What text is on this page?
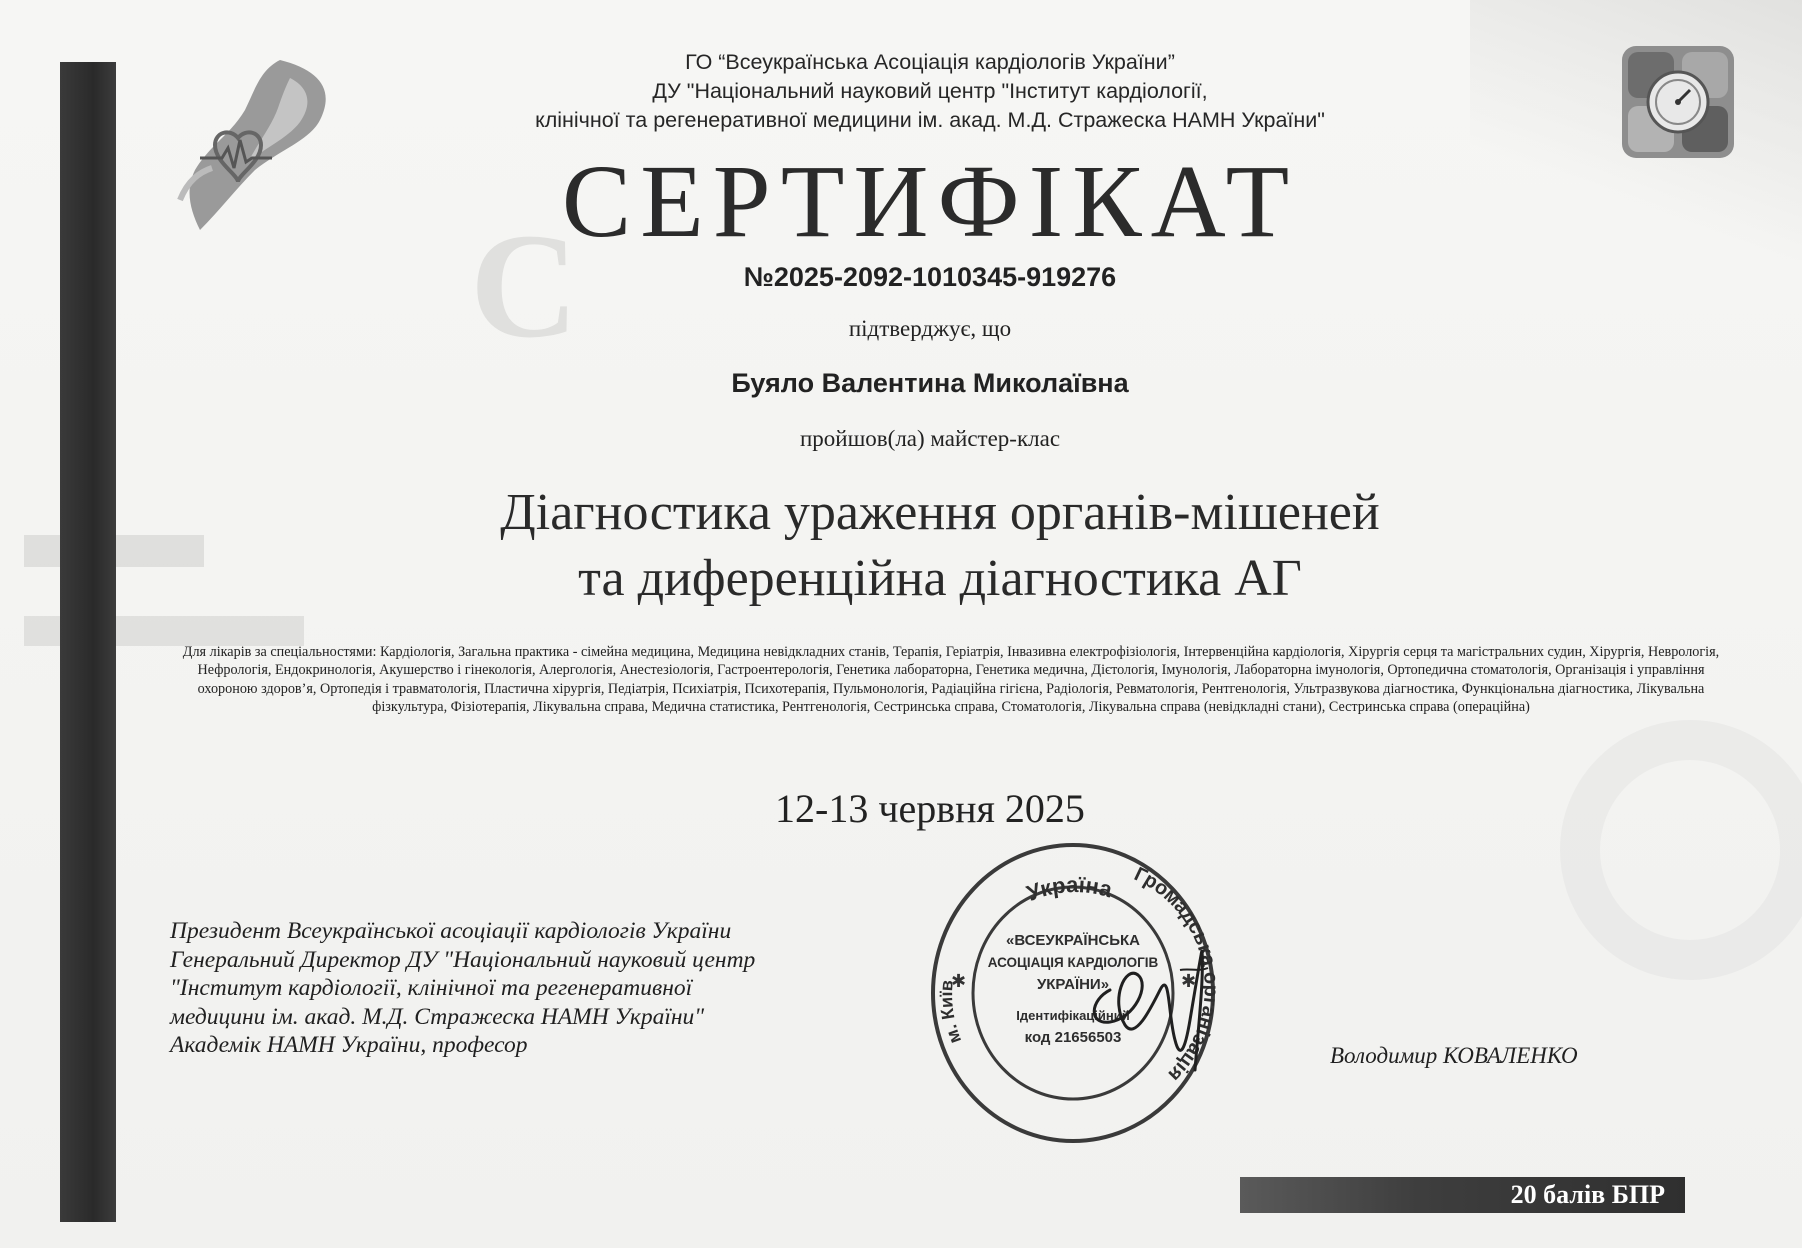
С
ГО “Всеукраїнська Асоціація кардіологів України”
ДУ "Національний науковий центр "Інститут кардіології,
клінічної та регенеративної медицини ім. акад. М.Д. Стражеска НАМН України"
СЕРТИФІКАТ
№2025-2092-1010345-919276
підтверджує, що
Буяло Валентина Миколаївна
пройшов(ла) майстер-клас
Діагностика ураження органів-мішеней
та диференційна діагностика АГ
Для лікарів за спеціальностями: Кардіологія, Загальна практика - сімейна медицина, Медицина невідкладних станів, Терапія, Геріатрія, Інвазивна електрофізіологія, Інтервенційна кардіологія, Хірургія серця та магістральних судин, Хірургія, Неврологія, Нефрологія, Ендокринологія, Акушерство і гінекологія, Алергологія, Анестезіологія, Гастроентерологія, Генетика лабораторна, Генетика медична, Дієтологія, Імунологія, Лабораторна імунологія, Ортопедична стоматологія, Організація і управління охороною здоров’я, Ортопедія і травматологія, Пластична хірургія, Педіатрія, Психіатрія, Психотерапія, Пульмонологія, Радіаційна гігієна, Радіологія, Ревматологія, Рентгенологія, Ультразвукова діагностика, Функціональна діагностика, Лікувальна фізкультура, Фізіотерапія, Лікувальна справа, Медична статистика, Рентгенологія, Сестринська справа, Стоматологія, Лікувальна справа (невідкладні стани), Сестринська справа (операційна)
12-13 червня 2025
Президент Всеукраїнської асоціації кардіологів України
Генеральний Директор ДУ "Національний науковий центр
"Інститут кардіології, клінічної та регенеративної
медицини ім. акад. М.Д. Стражеска НАМН України"
Академік НАМН України, професор
Україна Громадська організація
м. Київ
«ВСЕУКРАЇНСЬКА
АСОЦІАЦІЯ КАРДІОЛОГІВ
УКРАЇНИ»
Ідентифікаційний
код 21656503
✱	✱
Володимир КОВАЛЕНКО
20 балів БПР
